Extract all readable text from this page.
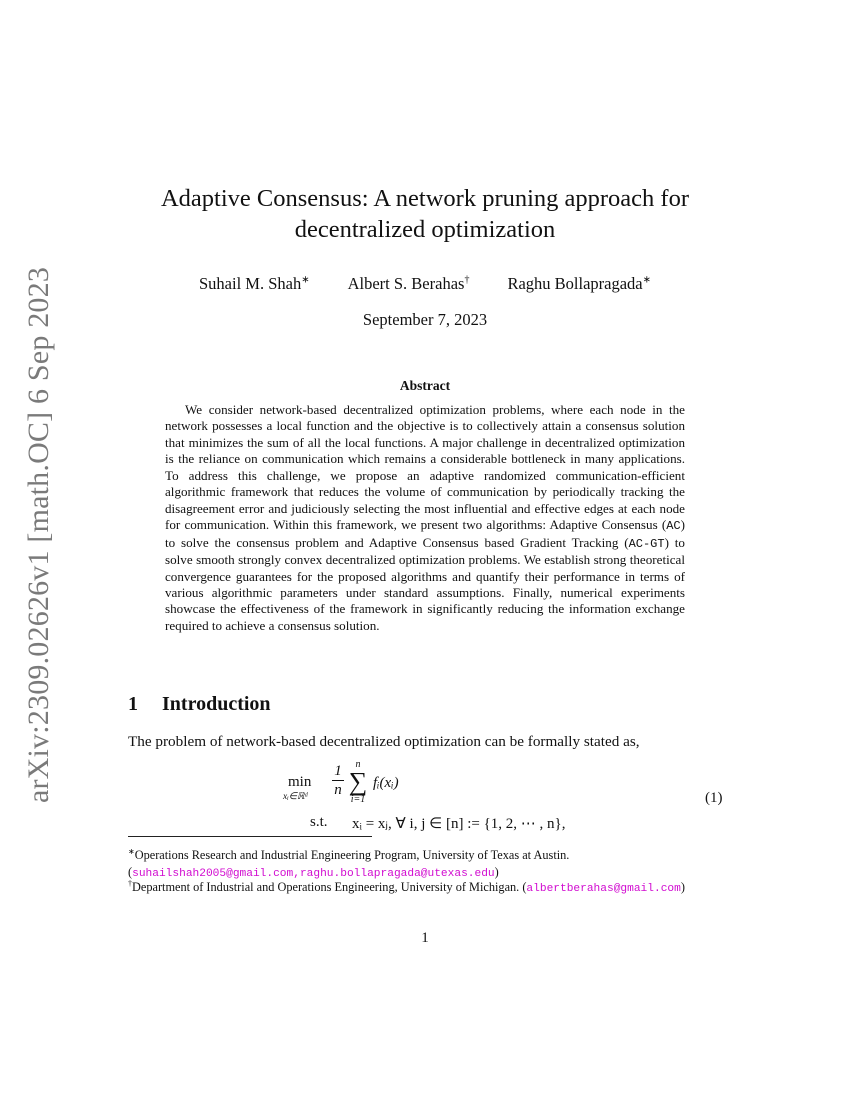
arXiv:2309.02626v1 [math.OC] 6 Sep 2023
Adaptive Consensus: A network pruning approach for
decentralized optimization
Suhail M. Shah∗ Albert S. Berahas† Raghu Bollapragada∗
September 7, 2023
Abstract
We consider network-based decentralized optimization problems, where each node in the network possesses a local function and the objective is to collectively attain a consensus solution that minimizes the sum of all the local functions. A major challenge in decentralized optimization is the reliance on communication which remains a considerable bottleneck in many applications. To address this challenge, we propose an adaptive randomized communication-efficient algorithmic framework that reduces the volume of communication by periodically tracking the disagreement error and judiciously selecting the most influential and effective edges at each node for communication. Within this framework, we present two algorithms: Adaptive Consensus (AC) to solve the consensus problem and Adaptive Consensus based Gradient Tracking (AC-GT) to solve smooth strongly convex decentralized optimization problems. We establish strong theoretical convergence guarantees for the proposed algorithms and quantify their performance in terms of various algorithmic parameters under standard assumptions. Finally, numerical experiments showcase the effectiveness of the framework in significantly reducing the information exchange required to achieve a consensus solution.
1 Introduction
The problem of network-based decentralized optimization can be formally stated as,
min
xᵢ∈ℝᵈ
1
n
n
∑
i=1
fᵢ(xᵢ)
s.t. xᵢ = xⱼ, ∀ i, j ∈ [n] := {1, 2, ⋯ , n},
(1)
∗Operations Research and Industrial Engineering Program, University of Texas at Austin.
(suhailshah2005@gmail.com,raghu.bollapragada@utexas.edu)
†Department of Industrial and Operations Engineering, University of Michigan. (albertberahas@gmail.com)
1
